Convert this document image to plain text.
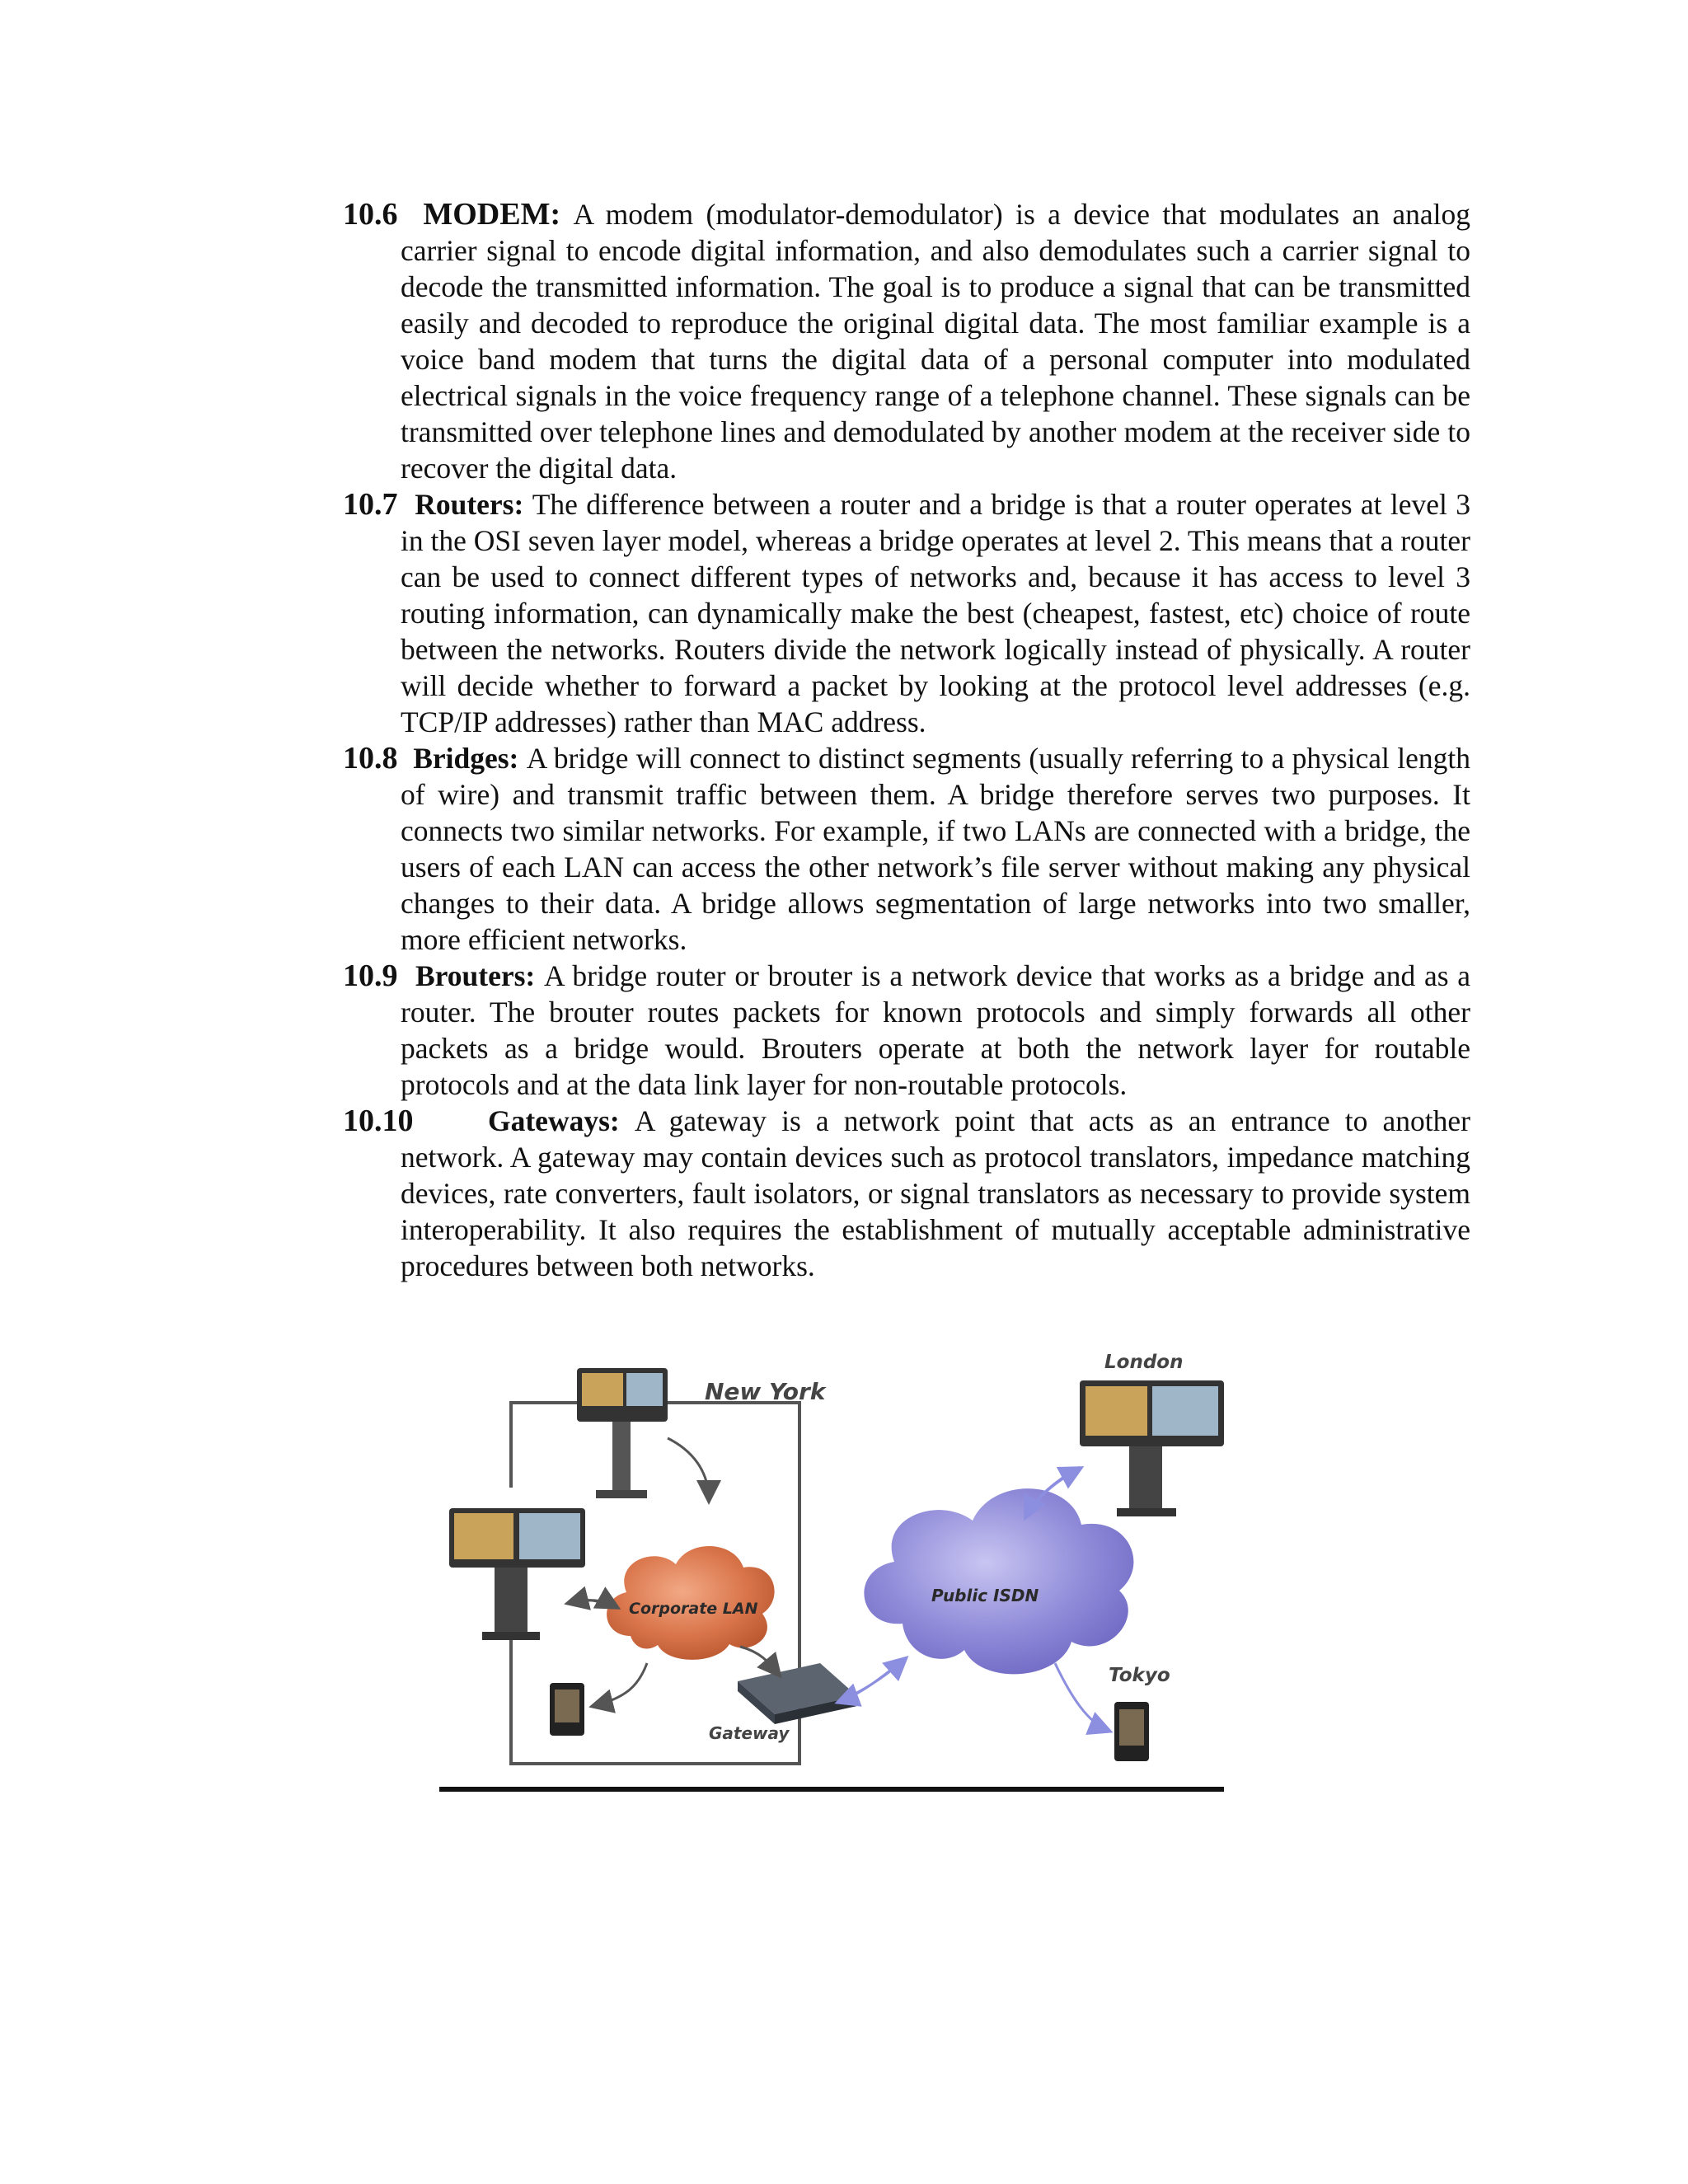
10.6 MODEM: A modem (modulator-demodulator) is a device that modulates an analog carrier signal to encode digital information, and also demodulates such a carrier signal to decode the transmitted information. The goal is to produce a signal that can be transmitted easily and decoded to reproduce the original digital data. The most familiar example is a voice band modem that turns the digital data of a personal computer into modulated electrical signals in the voice frequency range of a telephone channel. These signals can be transmitted over telephone lines and demodulated by another modem at the receiver side to recover the digital data.

10.7 Routers: The difference between a router and a bridge is that a router operates at level 3 in the OSI seven layer model, whereas a bridge operates at level 2. This means that a router can be used to connect different types of networks and, because it has access to level 3 routing information, can dynamically make the best (cheapest, fastest, etc) choice of route between the networks. Routers divide the network logically instead of physically. A router will decide whether to forward a packet by looking at the protocol level addresses (e.g. TCP/IP addresses) rather than MAC address.

10.8 Bridges: A bridge will connect to distinct segments (usually referring to a physical length of wire) and transmit traffic between them. A bridge therefore serves two purposes. It connects two similar networks. For example, if two LANs are connected with a bridge, the users of each LAN can access the other network’s file server without making any physical changes to their data. A bridge allows segmentation of large networks into two smaller, more efficient networks.

10.9 Brouters: A bridge router or brouter is a network device that works as a bridge and as a router. The brouter routes packets for known protocols and simply forwards all other packets as a bridge would. Brouters operate at both the network layer for routable protocols and at the data link layer for non-routable protocols.

10.10	Gateways: A gateway is a network point that acts as an entrance to another network. A gateway may contain devices such as protocol translators, impedance matching devices, rate converters, fault isolators, or signal translators as necessary to provide system interoperability. It also requires the establishment of mutually acceptable administrative procedures between both networks.

New York
Corporate LAN
Gateway
Public ISDN
London
Tokyo
